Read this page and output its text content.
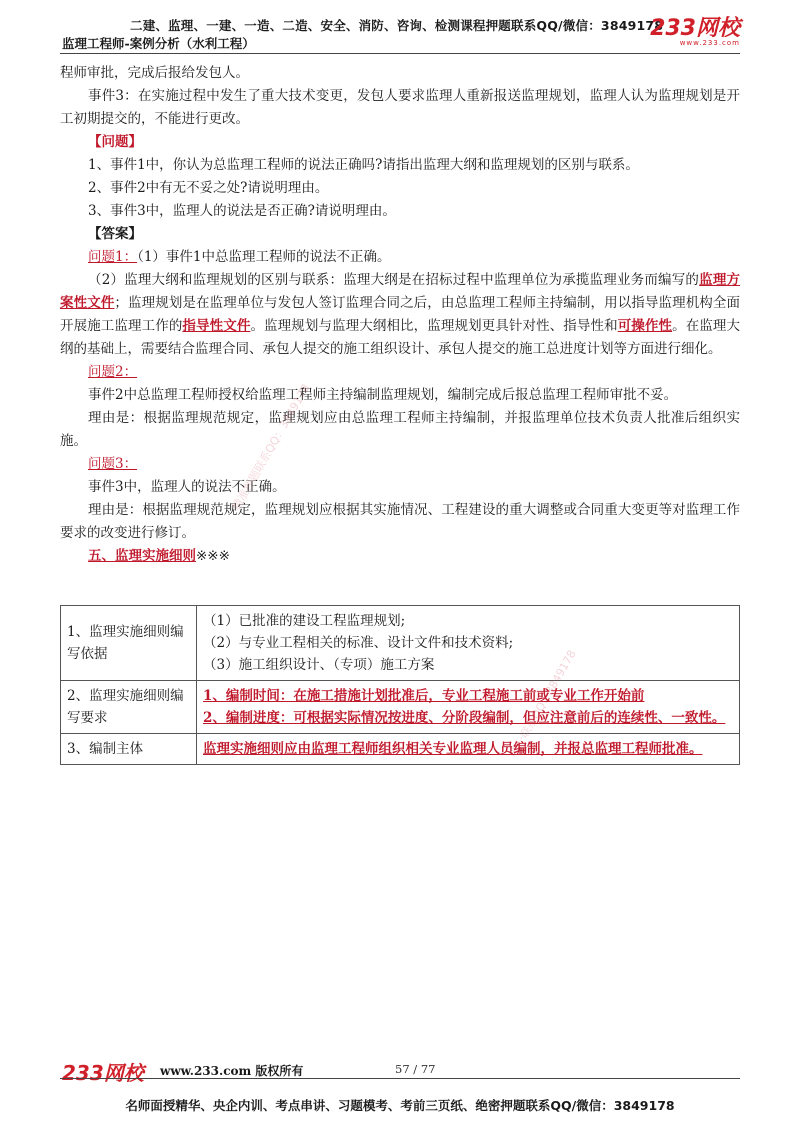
二建、监理、一建、一造、二造、安全、消防、咨询、检测课程押题联系QQ/微信：3849178
监理工程师-案例分析（水利工程）
233网校
www.233.com

程师审批，完成后报给发包人。

事件3：在实施过程中发生了重大技术变更，发包人要求监理人重新报送监理规划，监理人认为监理规划是开工初期提交的，不能进行更改。

【问题】

1、事件1中，你认为总监理工程师的说法正确吗?请指出监理大纲和监理规划的区别与联系。

2、事件2中有无不妥之处?请说明理由。

3、事件3中，监理人的说法是否正确?请说明理由。

【答案】

问题1：（1）事件1中总监理工程师的说法不正确。

（2）监理大纲和监理规划的区别与联系：监理大纲是在招标过程中监理单位为承揽监理业务而编写的监理方案性文件；监理规划是在监理单位与发包人签订监理合同之后，由总监理工程师主持编制，用以指导监理机构全面开展施工监理工作的指导性文件。监理规划与监理大纲相比，监理规划更具针对性、指导性和可操作性。在监理大纲的基础上，需要结合监理合同、承包人提交的施工组织设计、承包人提交的施工总进度计划等方面进行细化。

问题2：

事件2中总监理工程师授权给监理工程师主持编制监理规划，编制完成后报总监理工程师审批不妥。

理由是：根据监理规范规定，监理规划应由总监理工程师主持编制，并报监理单位技术负责人批准后组织实施。

问题3：

事件3中，监理人的说法不正确。

理由是：根据监理规范规定，监理规划应根据其实施情况、工程建设的重大调整或合同重大变更等对监理工作要求的改变进行修订。

五、监理实施细则※※※

1、监理实施细则编写依据	（1）已批准的建设工程监理规划;
（2）与专业工程相关的标准、设计文件和技术资料;
（3）施工组织设计、（专项）施工方案

2、监理实施细则编写要求	1、编制时间：在施工措施计划批准后，专业工程施工前或专业工作开始前
2、编制进度：可根据实际情况按进度、分阶段编制，但应注意前后的连续性、一致性。

3、编制主体	监理实施细则应由监理工程师组织相关专业监理人员编制，并报总监理工程师批准。
精准押题联系QQ：3849178
唯一联系QQ：3849178
233网校 www.233.com 版权所有	57 / 77
名师面授精华、央企内训、考点串讲、习题模考、考前三页纸、绝密押题联系QQ/微信：3849178
